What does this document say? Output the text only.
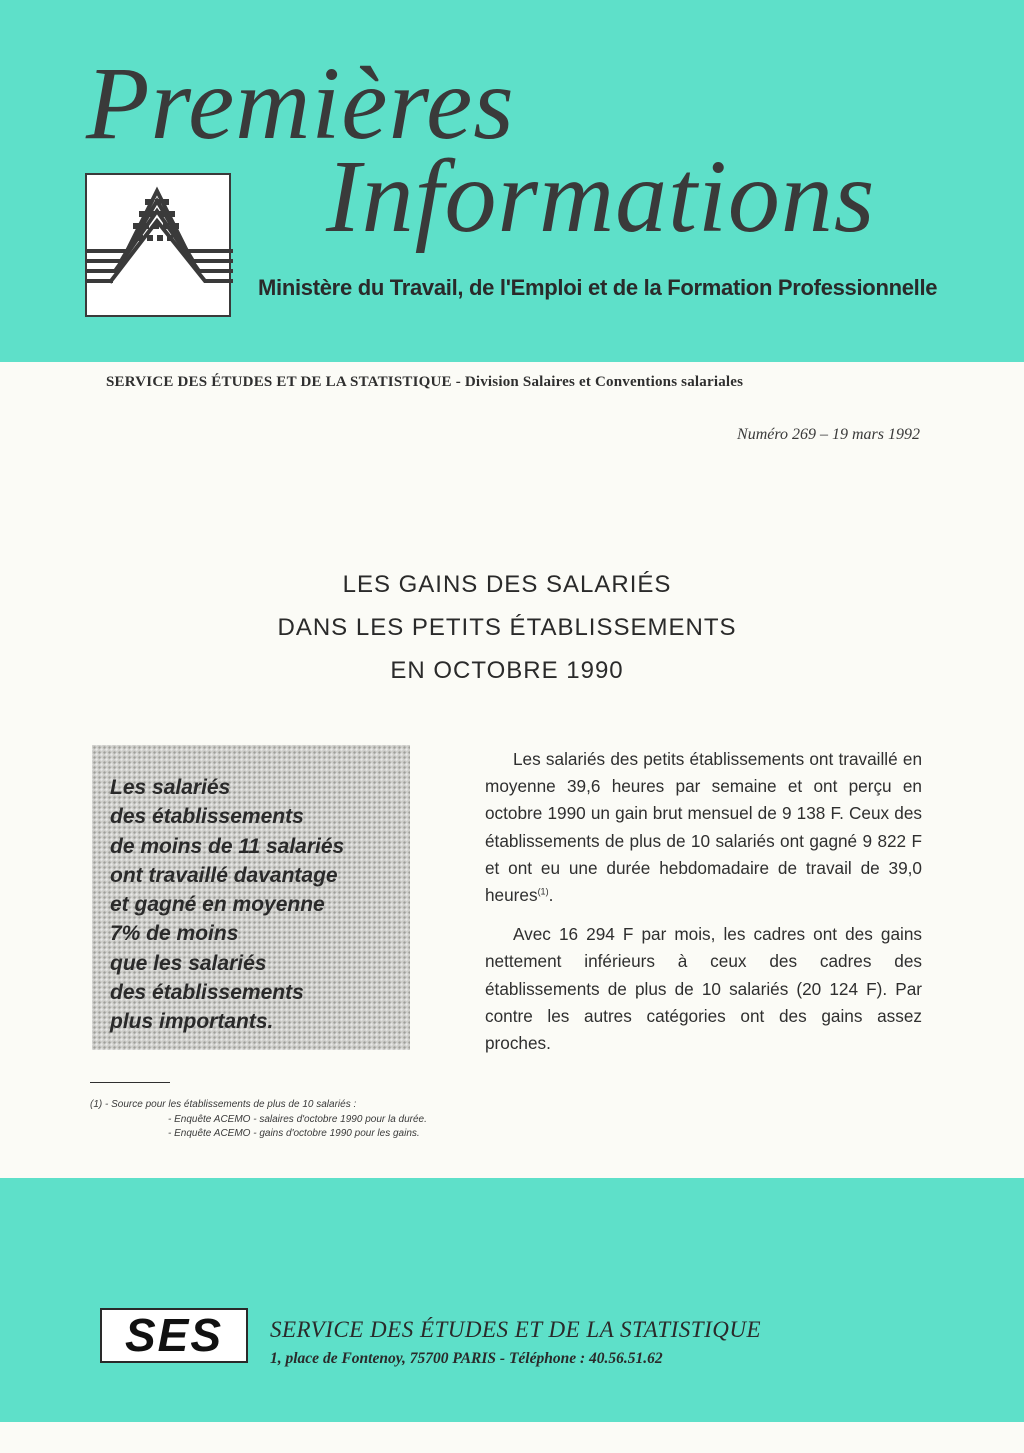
Premières
Informations

Ministère du Travail, de l'Emploi et de la Formation Professionnelle

SERVICE DES ÉTUDES ET DE LA STATISTIQUE - Division Salaires et Conventions salariales

Numéro 269 – 19 mars 1992

LES GAINS DES SALARIÉS
DANS LES PETITS ÉTABLISSEMENTS
EN OCTOBRE 1990

Les salariés
des établissements
de moins de 11 salariés
ont travaillé davantage
et gagné en moyenne
7% de moins
que les salariés
des établissements
plus importants.

Les salariés des petits établissements ont travaillé en moyenne 39,6 heures par semaine et ont perçu en octobre 1990 un gain brut mensuel de 9 138 F. Ceux des établissements de plus de 10 salariés ont gagné 9 822 F et ont eu une durée hebdomadaire de travail de 39,0 heures$^{(1)}$.

Avec 16 294 F par mois, les cadres ont des gains nettement inférieurs à ceux des cadres des établissements de plus de 10 salariés (20 124 F). Par contre les autres catégories ont des gains assez proches.

(1) - Source pour les établissements de plus de 10 salariés :
- Enquête ACEMO - salaires d'octobre 1990 pour la durée.
- Enquête ACEMO - gains d'octobre 1990 pour les gains.

SES	SERVICE DES ÉTUDES ET DE LA STATISTIQUE

1, place de Fontenoy, 75700 PARIS - Téléphone : 40.56.51.62
